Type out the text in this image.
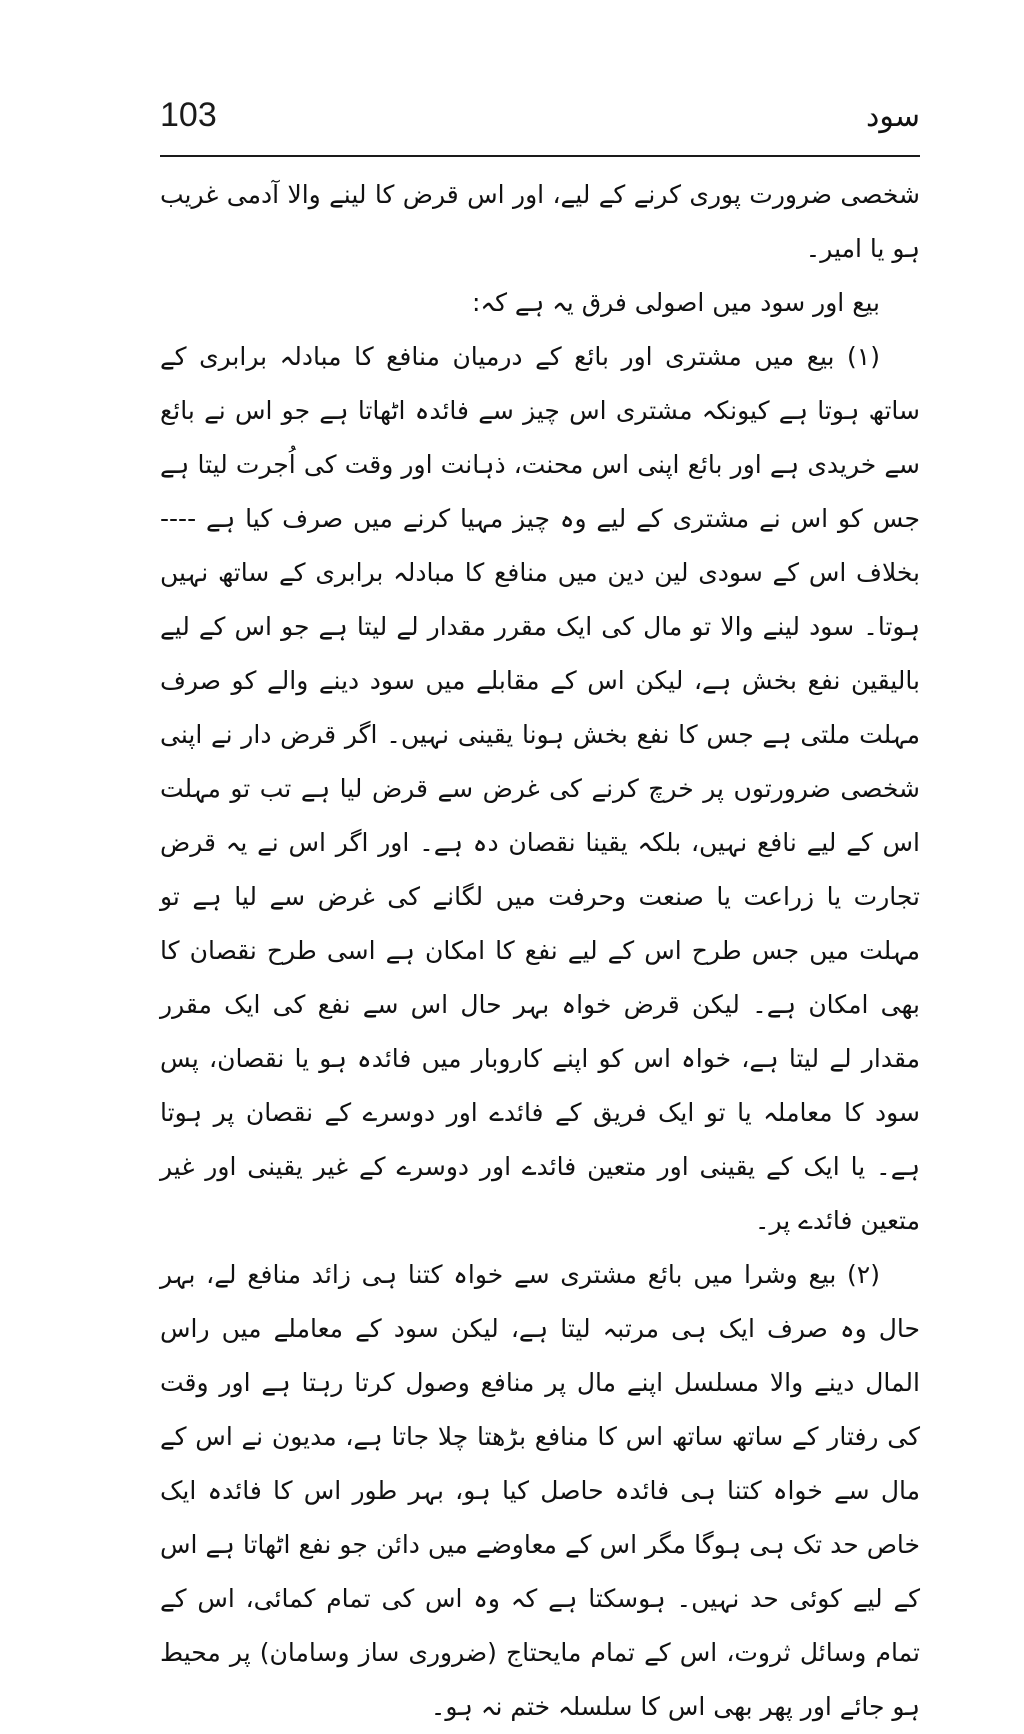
103	سود

شخصی ضرورت پوری کرنے کے لیے، اور اس قرض کا لینے والا آدمی غریب ہو یا امیر۔

بیع اور سود میں اصولی فرق یہ ہے کہ:

(۱) بیع میں مشتری اور بائع کے درمیان منافع کا مبادلہ برابری کے ساتھ ہوتا ہے کیونکہ مشتری اس چیز سے فائدہ اٹھاتا ہے جو اس نے بائع سے خریدی ہے اور بائع اپنی اس محنت، ذہانت اور وقت کی اُجرت لیتا ہے جس کو اس نے مشتری کے لیے وہ چیز مہیا کرنے میں صرف کیا ہے ---- بخلاف اس کے سودی لین دین میں منافع کا مبادلہ برابری کے ساتھ نہیں ہوتا۔ سود لینے والا تو مال کی ایک مقرر مقدار لے لیتا ہے جو اس کے لیے بالیقین نفع بخش ہے، لیکن اس کے مقابلے میں سود دینے والے کو صرف مہلت ملتی ہے جس کا نفع بخش ہونا یقینی نہیں۔ اگر قرض دار نے اپنی شخصی ضرورتوں پر خرچ کرنے کی غرض سے قرض لیا ہے تب تو مہلت اس کے لیے نافع نہیں، بلکہ یقینا نقصان دہ ہے۔ اور اگر اس نے یہ قرض تجارت یا زراعت یا صنعت وحرفت میں لگانے کی غرض سے لیا ہے تو مہلت میں جس طرح اس کے لیے نفع کا امکان ہے اسی طرح نقصان کا بھی امکان ہے۔ لیکن قرض خواہ بہر حال اس سے نفع کی ایک مقرر مقدار لے لیتا ہے، خواہ اس کو اپنے کاروبار میں فائدہ ہو یا نقصان، پس سود کا معاملہ یا تو ایک فریق کے فائدے اور دوسرے کے نقصان پر ہوتا ہے۔ یا ایک کے یقینی اور متعین فائدے اور دوسرے کے غیر یقینی اور غیر متعین فائدے پر۔

(۲) بیع وشرا میں بائع مشتری سے خواہ کتنا ہی زائد منافع لے، بہر حال وہ صرف ایک ہی مرتبہ لیتا ہے، لیکن سود کے معاملے میں راس المال دینے والا مسلسل اپنے مال پر منافع وصول کرتا رہتا ہے اور وقت کی رفتار کے ساتھ ساتھ اس کا منافع بڑھتا چلا جاتا ہے، مدیون نے اس کے مال سے خواہ کتنا ہی فائدہ حاصل کیا ہو، بہر طور اس کا فائدہ ایک خاص حد تک ہی ہوگا مگر اس کے معاوضے میں دائن جو نفع اٹھاتا ہے اس کے لیے کوئی حد نہیں۔ ہوسکتا ہے کہ وہ اس کی تمام کمائی، اس کے تمام وسائل ثروت، اس کے تمام مایحتاج (ضروری ساز وسامان) پر محیط ہو جائے اور پھر بھی اس کا سلسلہ ختم نہ ہو۔
